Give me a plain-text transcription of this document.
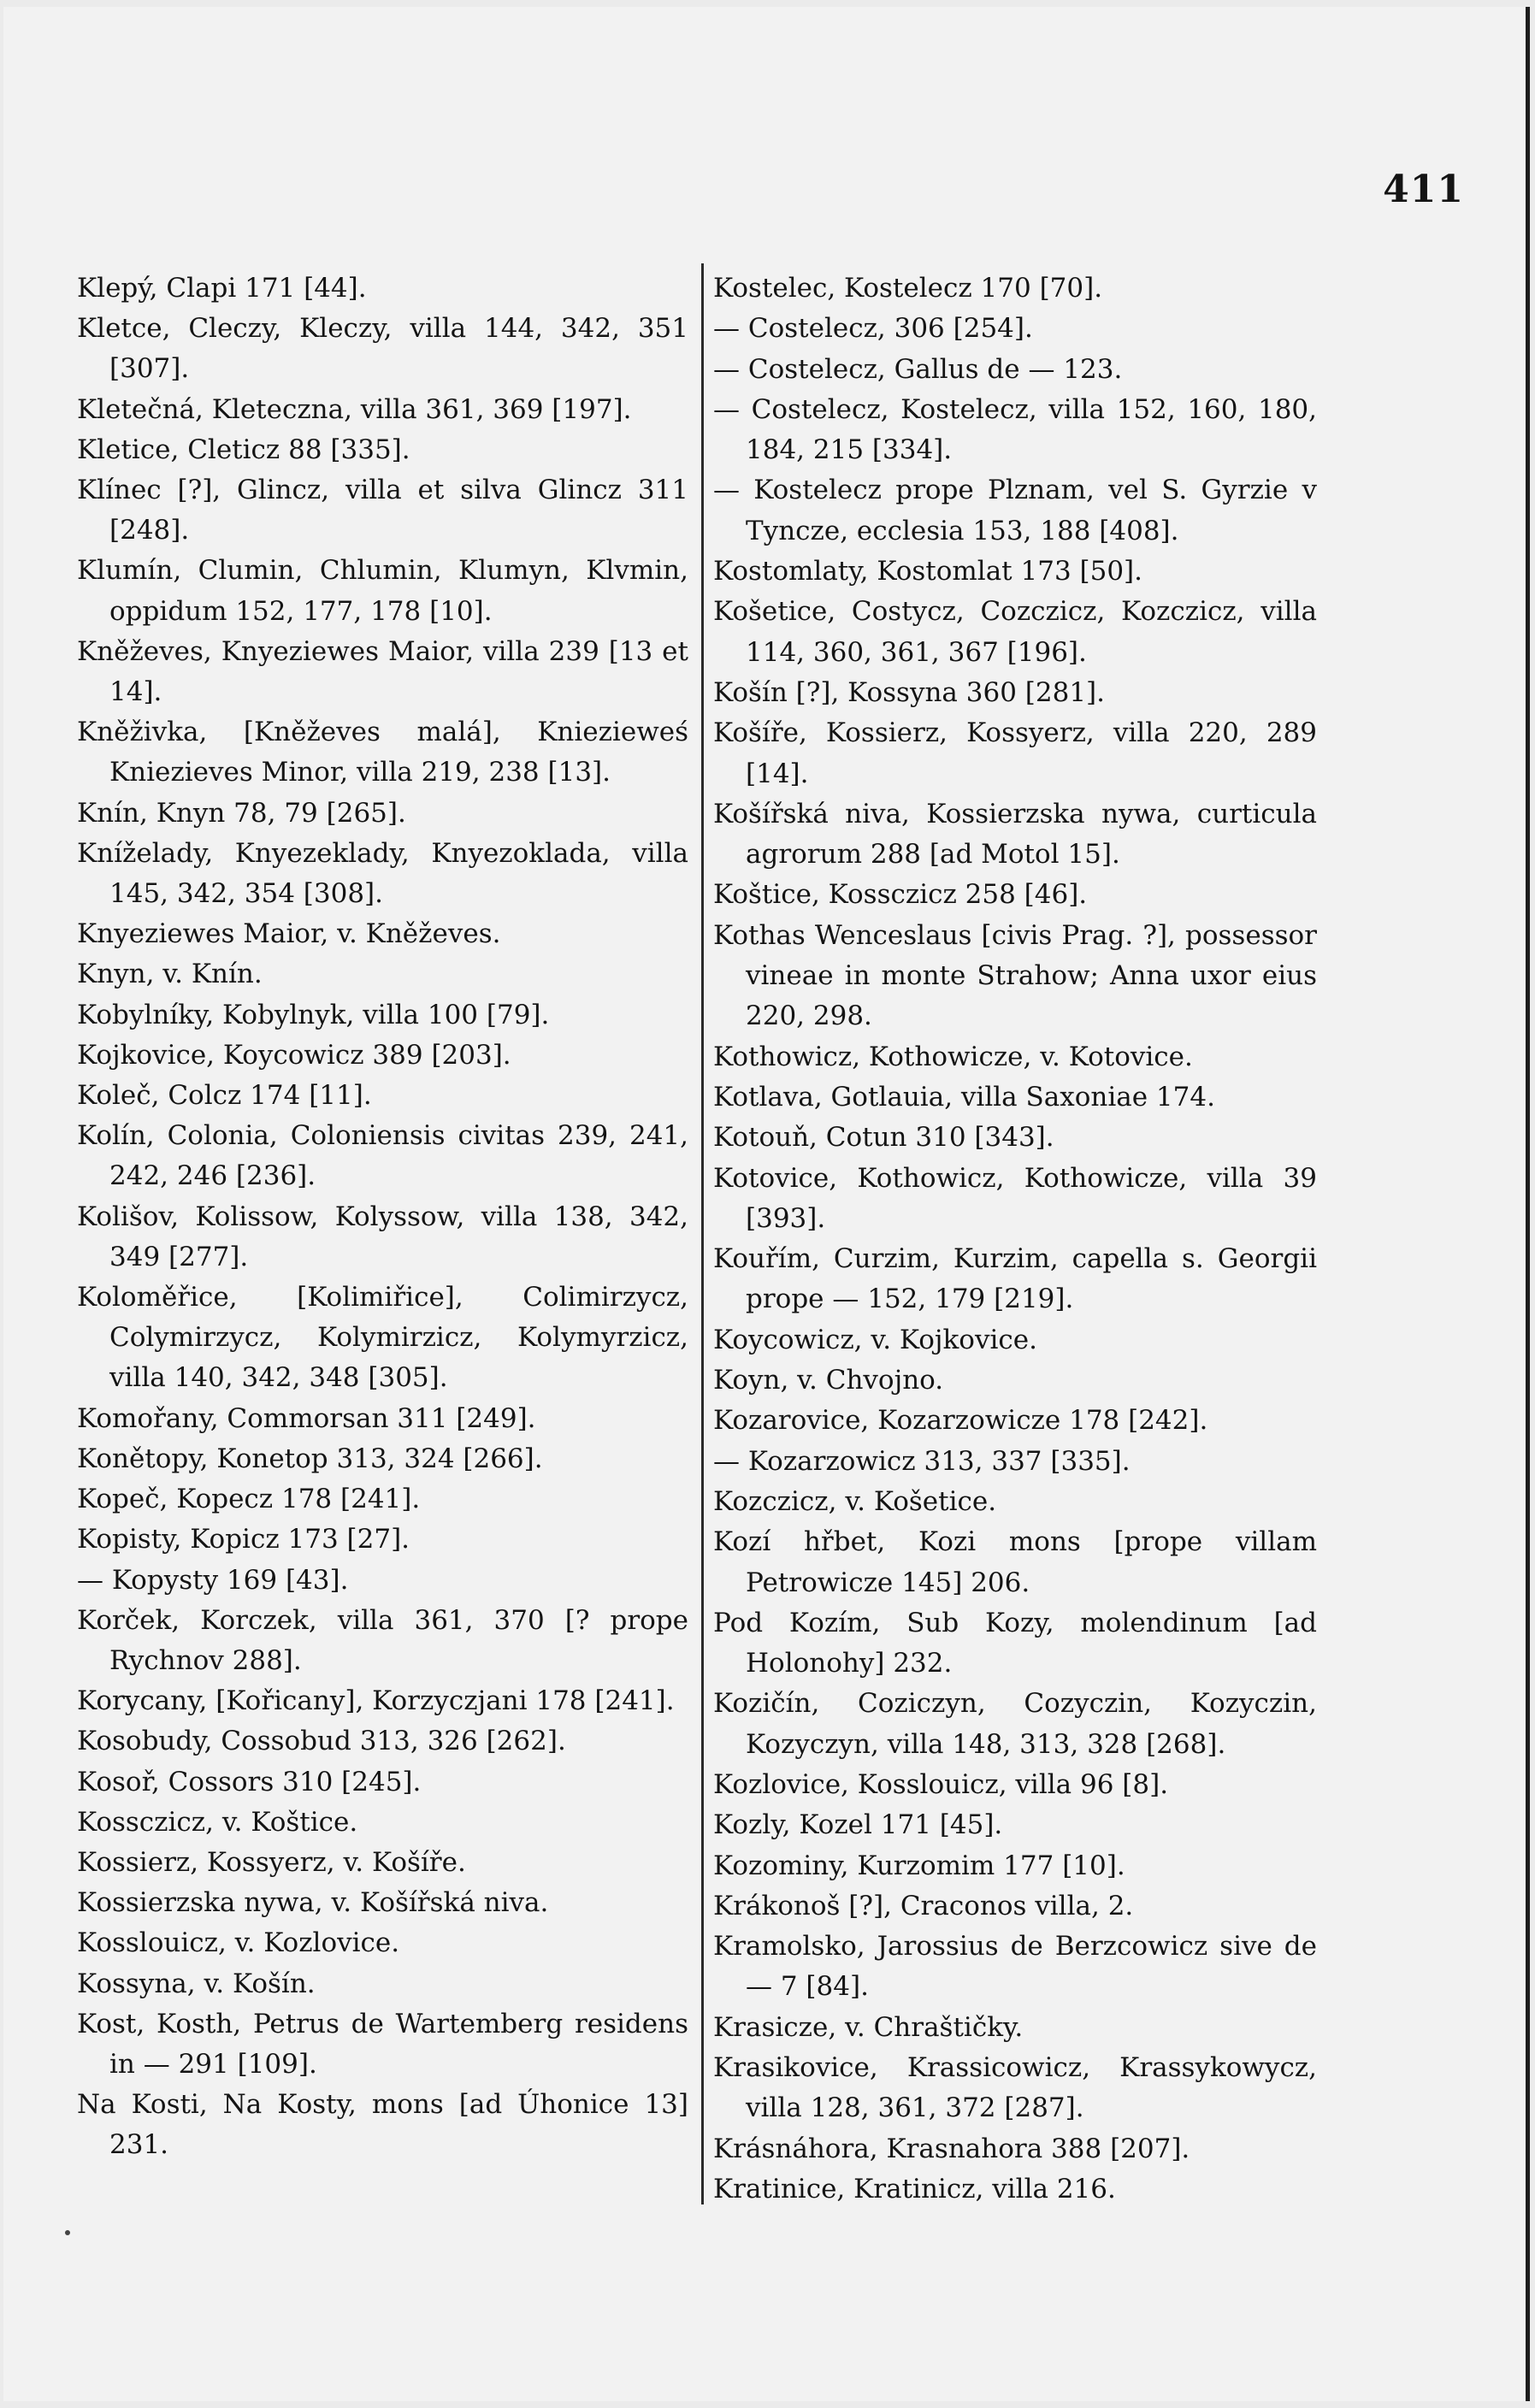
411

Klepý, Clapi 171 [44].

Kletce, Cleczy, Kleczy, villa 144, 342, 351 [307].

Kletečná, Kleteczna, villa 361, 369 [197].

Kletice, Cleticz 88 [335].

Klínec [?], Glincz, villa et silva Glincz 311 [248].

Klumín, Clumin, Chlumin, Klumyn, Klvmin, oppidum 152, 177, 178 [10].

Kněževes, Knyeziewes Maior, villa 239 [13 et 14].

Kněživka, [Kněževes malá], Kniezieweś Kniezieves Minor, villa 219, 238 [13].

Knín, Knyn 78, 79 [265].

Kníželady, Knyezeklady, Knyezoklada, villa 145, 342, 354 [308].

Knyeziewes Maior, v. Kněževes.

Knyn, v. Knín.

Kobylníky, Kobylnyk, villa 100 [79].

Kojkovice, Koycowicz 389 [203].

Koleč, Colcz 174 [11].

Kolín, Colonia, Coloniensis civitas 239, 241, 242, 246 [236].

Kolišov, Kolissow, Kolyssow, villa 138, 342, 349 [277].

Koloměřice, [Kolimiřice], Colimirzycz, Colymirzycz, Kolymirzicz, Kolymyrzicz, villa 140, 342, 348 [305].

Komořany, Commorsan 311 [249].

Konětopy, Konetop 313, 324 [266].

Kopeč, Kopecz 178 [241].

Kopisty, Kopicz 173 [27].

— Kopysty 169 [43].

Korček, Korczek, villa 361, 370 [? prope Rychnov 288].

Korycany, [Kořicany], Korzyczjani 178 [241].

Kosobudy, Cossobud 313, 326 [262].

Kosoř, Cossors 310 [245].

Kossczicz, v. Koštice.

Kossierz, Kossyerz, v. Košíře.

Kossierzska nywa, v. Košířská niva.

Kosslouicz, v. Kozlovice.

Kossyna, v. Košín.

Kost, Kosth, Petrus de Wartemberg residens in — 291 [109].

Na Kosti, Na Kosty, mons [ad Úhonice 13] 231.

Kostelec, Kostelecz 170 [70].

— Costelecz, 306 [254].

— Costelecz, Gallus de — 123.

— Costelecz, Kostelecz, villa 152, 160, 180, 184, 215 [334].

— Kostelecz prope Plznam, vel S. Gyrzie v Tyncze, ecclesia 153, 188 [408].

Kostomlaty, Kostomlat 173 [50].

Košetice, Costycz, Cozczicz, Kozczicz, villa 114, 360, 361, 367 [196].

Košín [?], Kossyna 360 [281].

Košíře, Kossierz, Kossyerz, villa 220, 289 [14].

Košířská niva, Kossierzska nywa, curticula agrorum 288 [ad Motol 15].

Koštice, Kossczicz 258 [46].

Kothas Wenceslaus [civis Prag. ?], possessor vineae in monte Strahow; Anna uxor eius 220, 298.

Kothowicz, Kothowicze, v. Kotovice.

Kotlava, Gotlauia, villa Saxoniae 174.

Kotouň, Cotun 310 [343].

Kotovice, Kothowicz, Kothowicze, villa 39 [393].

Kouřím, Curzim, Kurzim, capella s. Georgii prope — 152, 179 [219].

Koycowicz, v. Kojkovice.

Koyn, v. Chvojno.

Kozarovice, Kozarzowicze 178 [242].

— Kozarzowicz 313, 337 [335].

Kozczicz, v. Košetice.

Kozí hřbet, Kozi mons [prope villam Petrowicze 145] 206.

Pod Kozím, Sub Kozy, molendinum [ad Holonohy] 232.

Kozičín, Coziczyn, Cozyczin, Kozyczin, Kozyczyn, villa 148, 313, 328 [268].

Kozlovice, Kosslouicz, villa 96 [8].

Kozly, Kozel 171 [45].

Kozominy, Kurzomim 177 [10].

Krákonoš [?], Craconos villa, 2.

Kramolsko, Jarossius de Berzcowicz sive de — 7 [84].

Krasicze, v. Chraštičky.

Krasikovice, Krassicowicz, Krassykowycz, villa 128, 361, 372 [287].

Krásnáhora, Krasnahora 388 [207].

Kratinice, Kratinicz, villa 216.
